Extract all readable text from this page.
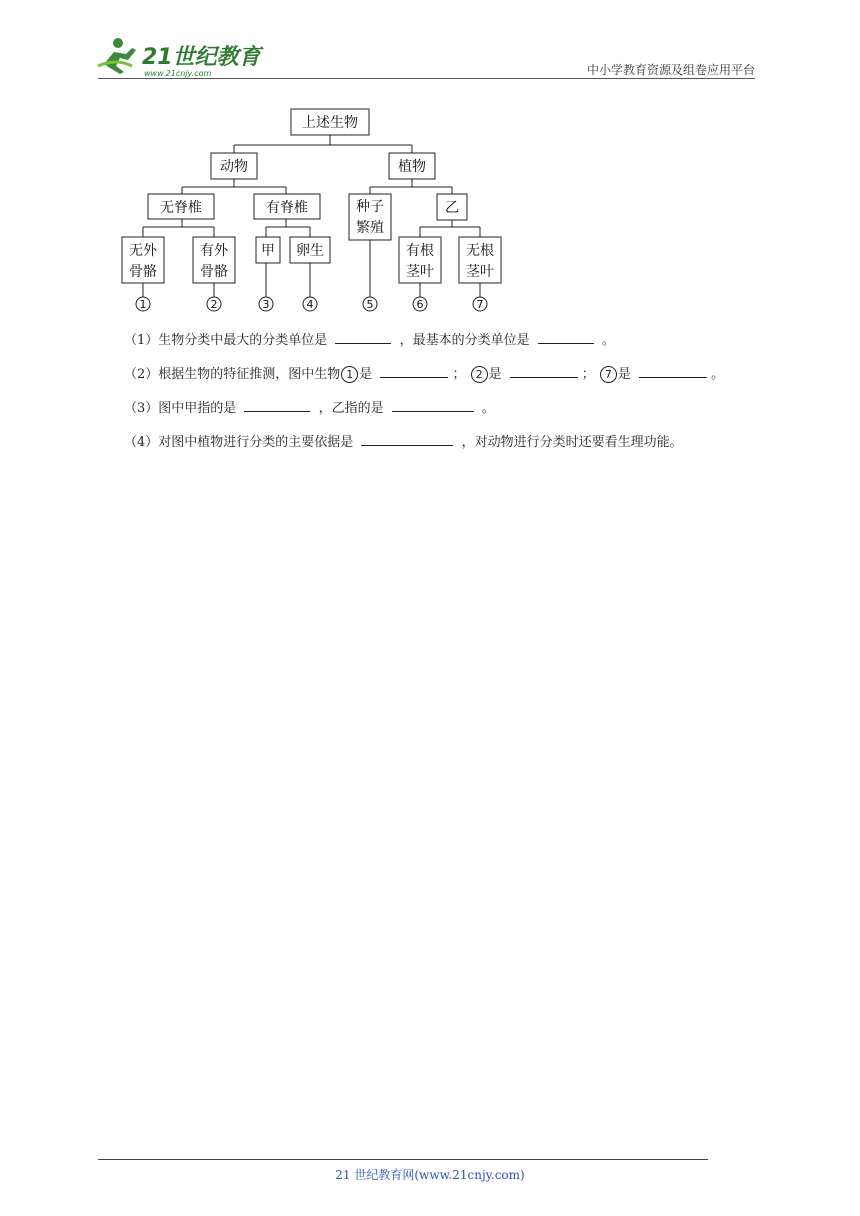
21世纪教育
www.21cnjy.com	中小学教育资源及组卷应用平台
上述生物
动物	植物
无脊椎	有脊椎	种子
繁殖
乙
无外
骨骼
有外
骨骼
甲 卵生	有根
茎叶
无根
茎叶
1	2	3	4	5	6	7

（1）生物分类中最大的分类单位是	，最基本的分类单位是	。

（2）根据生物的特征推测，图中生物 1 是	； 2 是	； 7 是	。

（3）图中甲指的是	，乙指的是	。

（4）对图中植物进行分类的主要依据是	，对动物进行分类时还要看生理功能。

21 世纪教育网(www.21cnjy.com)
